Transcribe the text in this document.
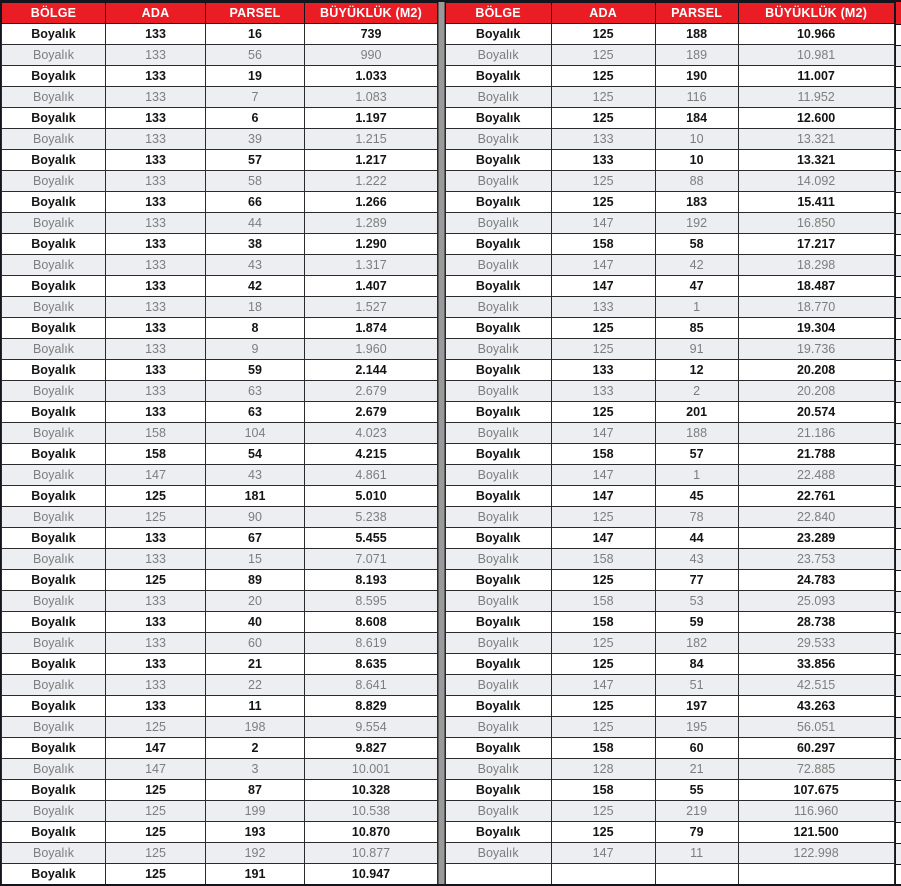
BÖLGE	ADA	PARSEL	BÜYÜKLÜK (M2)
Boyalık	133	16	739
Boyalık	133	56	990
Boyalık	133	19	1.033
Boyalık	133	7	1.083
Boyalık	133	6	1.197
Boyalık	133	39	1.215
Boyalık	133	57	1.217
Boyalık	133	58	1.222
Boyalık	133	66	1.266
Boyalık	133	44	1.289
Boyalık	133	38	1.290
Boyalık	133	43	1.317
Boyalık	133	42	1.407
Boyalık	133	18	1.527
Boyalık	133	8	1.874
Boyalık	133	9	1.960
Boyalık	133	59	2.144
Boyalık	133	63	2.679
Boyalık	133	63	2.679
Boyalık	158	104	4.023
Boyalık	158	54	4.215
Boyalık	147	43	4.861
Boyalık	125	181	5.010
Boyalık	125	90	5.238
Boyalık	133	67	5.455
Boyalık	133	15	7.071
Boyalık	125	89	8.193
Boyalık	133	20	8.595
Boyalık	133	40	8.608
Boyalık	133	60	8.619
Boyalık	133	21	8.635
Boyalık	133	22	8.641
Boyalık	133	11	8.829
Boyalık	125	198	9.554
Boyalık	147	2	9.827
Boyalık	147	3	10.001
Boyalık	125	87	10.328
Boyalık	125	199	10.538
Boyalık	125	193	10.870
Boyalık	125	192	10.877
Boyalık	125	191	10.947
BÖLGE	ADA	PARSEL	BÜYÜKLÜK (M2)
Boyalık	125	188	10.966
Boyalık	125	189	10.981
Boyalık	125	190	11.007
Boyalık	125	116	11.952
Boyalık	125	184	12.600
Boyalık	133	10	13.321
Boyalık	133	10	13.321
Boyalık	125	88	14.092
Boyalık	125	183	15.411
Boyalık	147	192	16.850
Boyalık	158	58	17.217
Boyalık	147	42	18.298
Boyalık	147	47	18.487
Boyalık	133	1	18.770
Boyalık	125	85	19.304
Boyalık	125	91	19.736
Boyalık	133	12	20.208
Boyalık	133	2	20.208
Boyalık	125	201	20.574
Boyalık	147	188	21.186
Boyalık	158	57	21.788
Boyalık	147	1	22.488
Boyalık	147	45	22.761
Boyalık	125	78	22.840
Boyalık	147	44	23.289
Boyalık	158	43	23.753
Boyalık	125	77	24.783
Boyalık	158	53	25.093
Boyalık	158	59	28.738
Boyalık	125	182	29.533
Boyalık	125	84	33.856
Boyalık	147	51	42.515
Boyalık	125	197	43.263
Boyalık	125	195	56.051
Boyalık	158	60	60.297
Boyalık	128	21	72.885
Boyalık	158	55	107.675
Boyalık	125	219	116.960
Boyalık	125	79	121.500
Boyalık	147	11	122.998
